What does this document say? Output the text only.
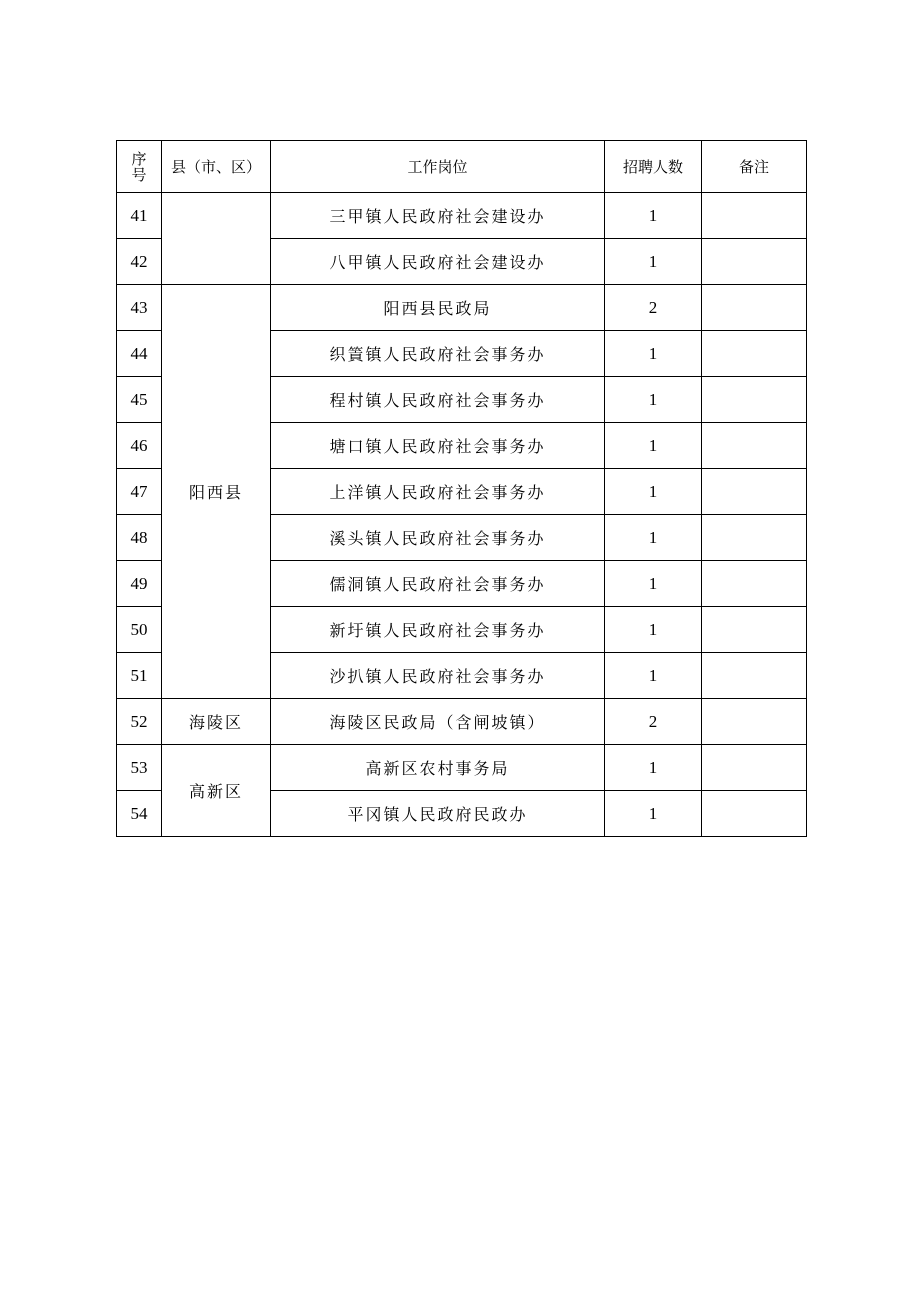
序
号	县（市、区）	工作岗位	招聘人数	备注
41		三甲镇人民政府社会建设办	1	
42		八甲镇人民政府社会建设办	1	
43	阳西县	阳西县民政局	2	
44		织篢镇人民政府社会事务办	1	
45		程村镇人民政府社会事务办	1	
46		塘口镇人民政府社会事务办	1	
47		上洋镇人民政府社会事务办	1	
48		溪头镇人民政府社会事务办	1	
49		儒洞镇人民政府社会事务办	1	
50		新圩镇人民政府社会事务办	1	
51		沙扒镇人民政府社会事务办	1	
52	海陵区	海陵区民政局（含闸坡镇）	2	
53	高新区	高新区农村事务局	1	
54		平冈镇人民政府民政办	1	
